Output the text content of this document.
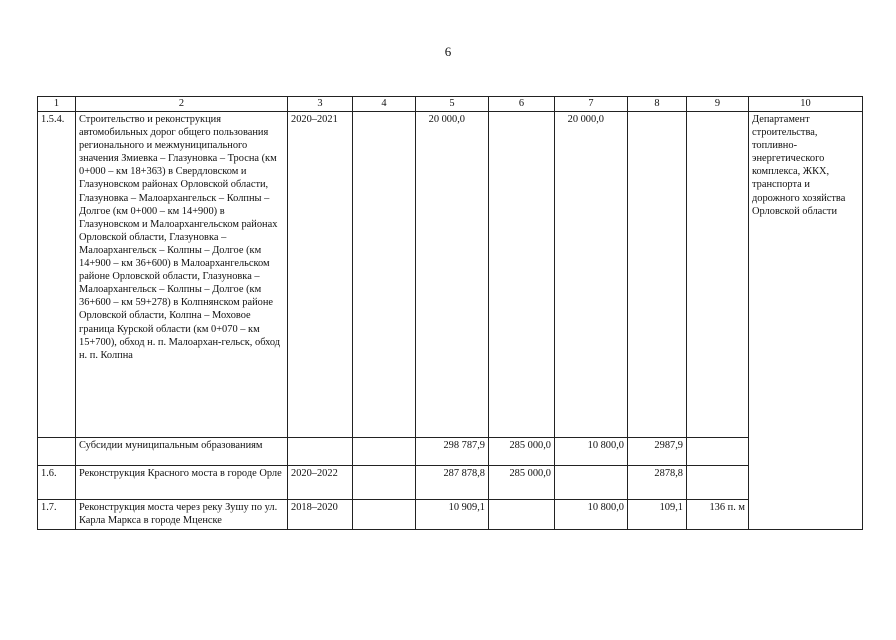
6
1	2	3	4	5	6	7	8	9	10
1.5.4.	Строительство и реконструкция автомобильных дорог общего пользования регионального и межмуниципального значения Змиевка – Глазуновка – Тросна (км 0+000 – км 18+363) в Свердловском и Глазуновском районах Орловской области, Глазуновка – Малоархангельск – Колпны – Долгое (км 0+000 – км 14+900) в Глазуновском и Малоархангельском районах Орловской области, Глазуновка – Малоархангельск – Колпны – Долгое (км 14+900 – км 36+600) в Малоархангельском районе Орловской области, Глазуновка – Малоархангельск – Колпны – Долгое (км 36+600 – км 59+278) в Колпнянском районе Орловской области, Колпна – Моховое граница Курской области (км 0+070 – км 15+700), обход н. п. Малоархан-гельск, обход н. п. Колпна	2020–2021		20 000,0		20 000,0			Департамент строительства, топливно-энергетического комплекса, ЖКХ, транспорта и дорожного хозяйства Орловской области
	Субсидии муниципальным образованиям			298 787,9	285 000,0	10 800,0	2987,9		
1.6.	Реконструкция Красного моста в городе Орле	2020–2022		287 878,8	285 000,0		2878,8		
1.7.	Реконструкция моста через реку Зушу по ул. Карла Маркса в городе Мценске	2018–2020		10 909,1		10 800,0	109,1	136 п. м	
